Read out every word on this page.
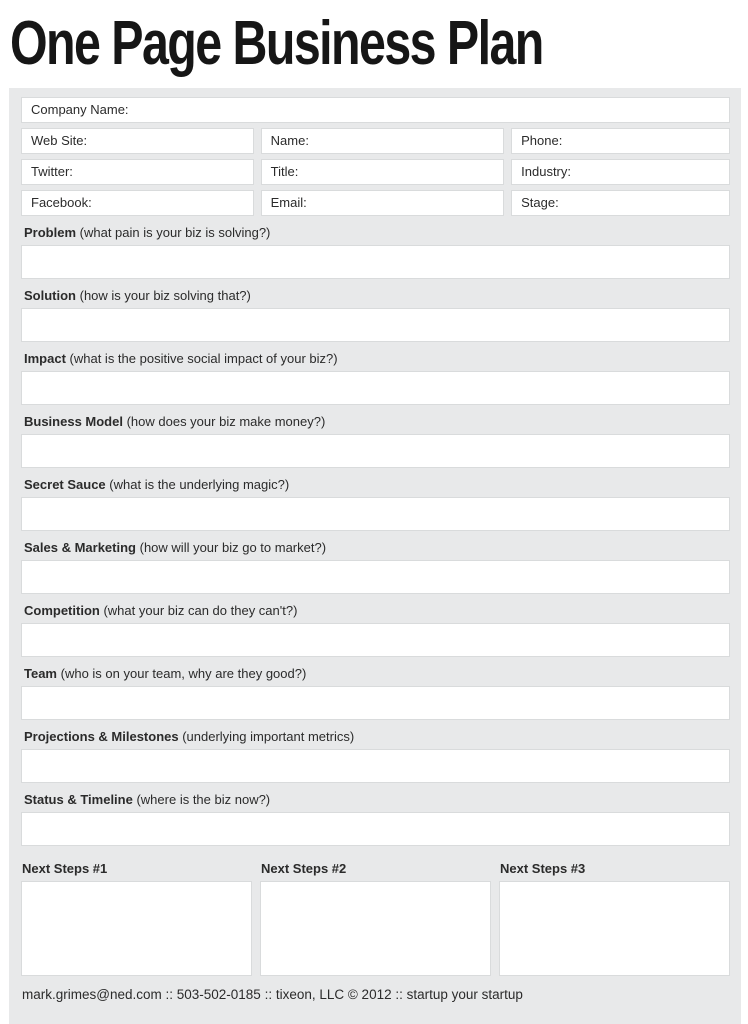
One Page Business Plan
Company Name:
Web Site:	Name:	Phone:
Twitter:	Title:	Industry:
Facebook:	Email:	Stage:
Problem (what pain is your biz is solving?)
Solution (how is your biz solving that?)
Impact (what is the positive social impact of your biz?)
Business Model (how does your biz make money?)
Secret Sauce (what is the underlying magic?)
Sales & Marketing (how will your biz go to market?)
Competition (what your biz can do they can't?)
Team (who is on your team, why are they good?)
Projections & Milestones (underlying important metrics)
Status & Timeline (where is the biz now?)
Next Steps #1	Next Steps #2	Next Steps #3
mark.grimes@ned.com :: 503-502-0185 :: tixeon, LLC © 2012 :: startup your startup
